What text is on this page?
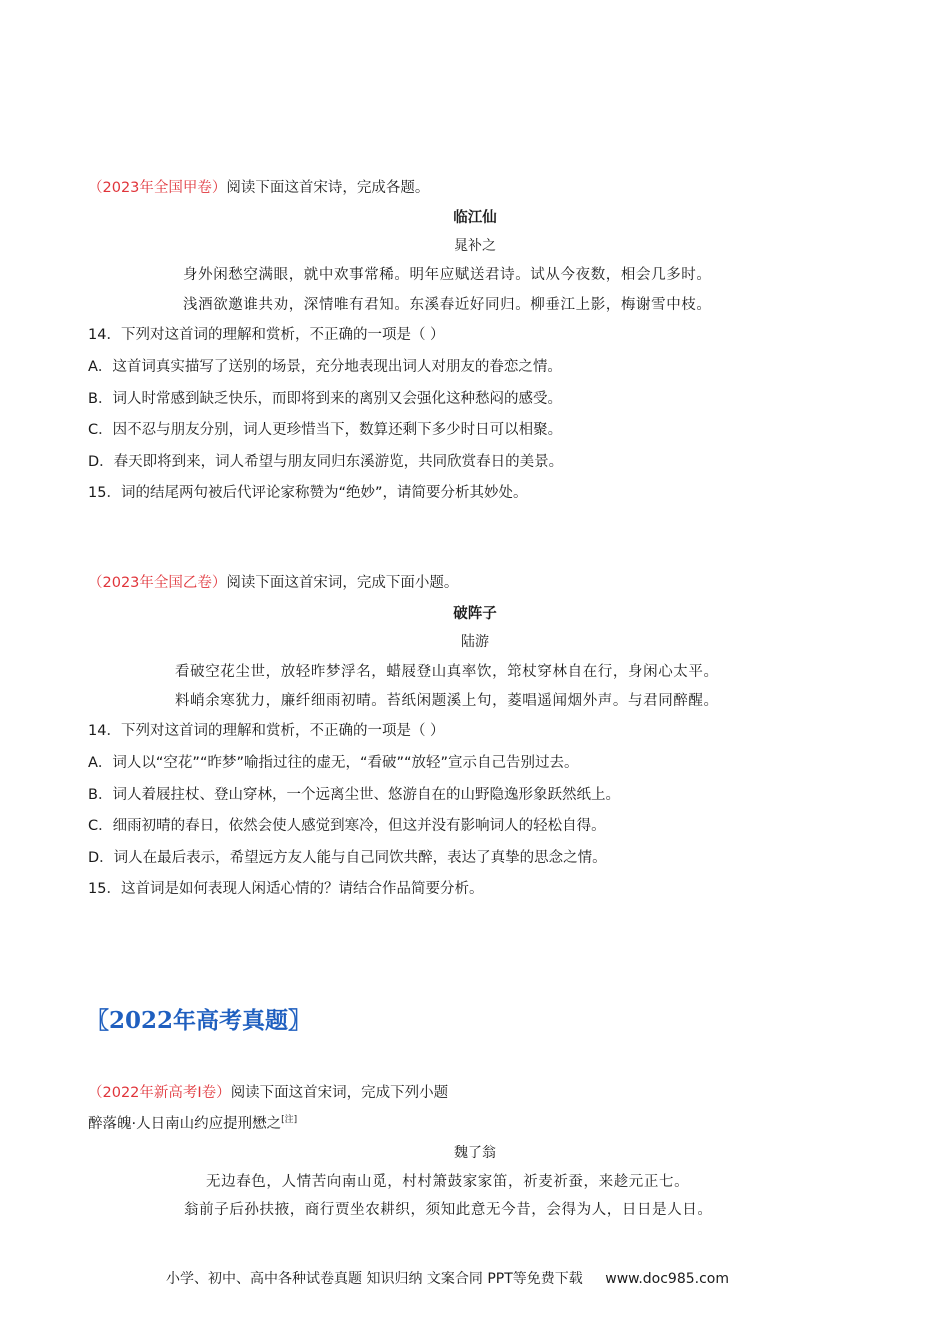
（2023年全国甲卷）阅读下面这首宋诗，完成各题。
临江仙
晁补之
身外闲愁空满眼，就中欢事常稀。明年应赋送君诗。试从今夜数，相会几多时。
浅酒欲邀谁共劝，深情唯有君知。东溪春近好同归。柳垂江上影，梅谢雪中枝。
14．下列对这首词的理解和赏析，不正确的一项是（ ）
A．这首词真实描写了送别的场景，充分地表现出词人对朋友的眷恋之情。
B．词人时常感到缺乏快乐，而即将到来的离别又会强化这种愁闷的感受。
C．因不忍与朋友分别，词人更珍惜当下，数算还剩下多少时日可以相聚。
D．春天即将到来，词人希望与朋友同归东溪游览，共同欣赏春日的美景。
15．词的结尾两句被后代评论家称赞为“绝妙”，请简要分析其妙处。
（2023年全国乙卷）阅读下面这首宋词，完成下面小题。
破阵子
陆游
看破空花尘世，放轻昨梦浮名，蜡屐登山真率饮，筇杖穿林自在行，身闲心太平。
料峭余寒犹力，廉纤细雨初晴。苔纸闲题溪上句，菱唱遥闻烟外声。与君同醉醒。
14．下列对这首词的理解和赏析，不正确的一项是（ ）
A．词人以“空花”“昨梦”喻指过往的虚无，“看破”“放轻”宣示自己告别过去。
B．词人着屐拄杖、登山穿林，一个远离尘世、悠游自在的山野隐逸形象跃然纸上。
C．细雨初晴的春日，依然会使人感觉到寒冷，但这并没有影响词人的轻松自得。
D．词人在最后表示，希望远方友人能与自己同饮共醉，表达了真挚的思念之情。
15．这首词是如何表现人闲适心情的？请结合作品简要分析。
〖2022年高考真题〗
（2022年新高考Ⅰ卷）阅读下面这首宋词，完成下列小题
醉落魄·人日南山约应提刑懋之[注]
魏了翁
无边春色，人情苦向南山觅，村村箫鼓家家笛，祈麦祈蚕，来趁元正七。
翁前子后孙扶掖，商行贾坐农耕织，须知此意无今昔，会得为人，日日是人日。
小学、初中、高中各种试卷真题 知识归纳 文案合同 PPT等免费下载 www.doc985.com
